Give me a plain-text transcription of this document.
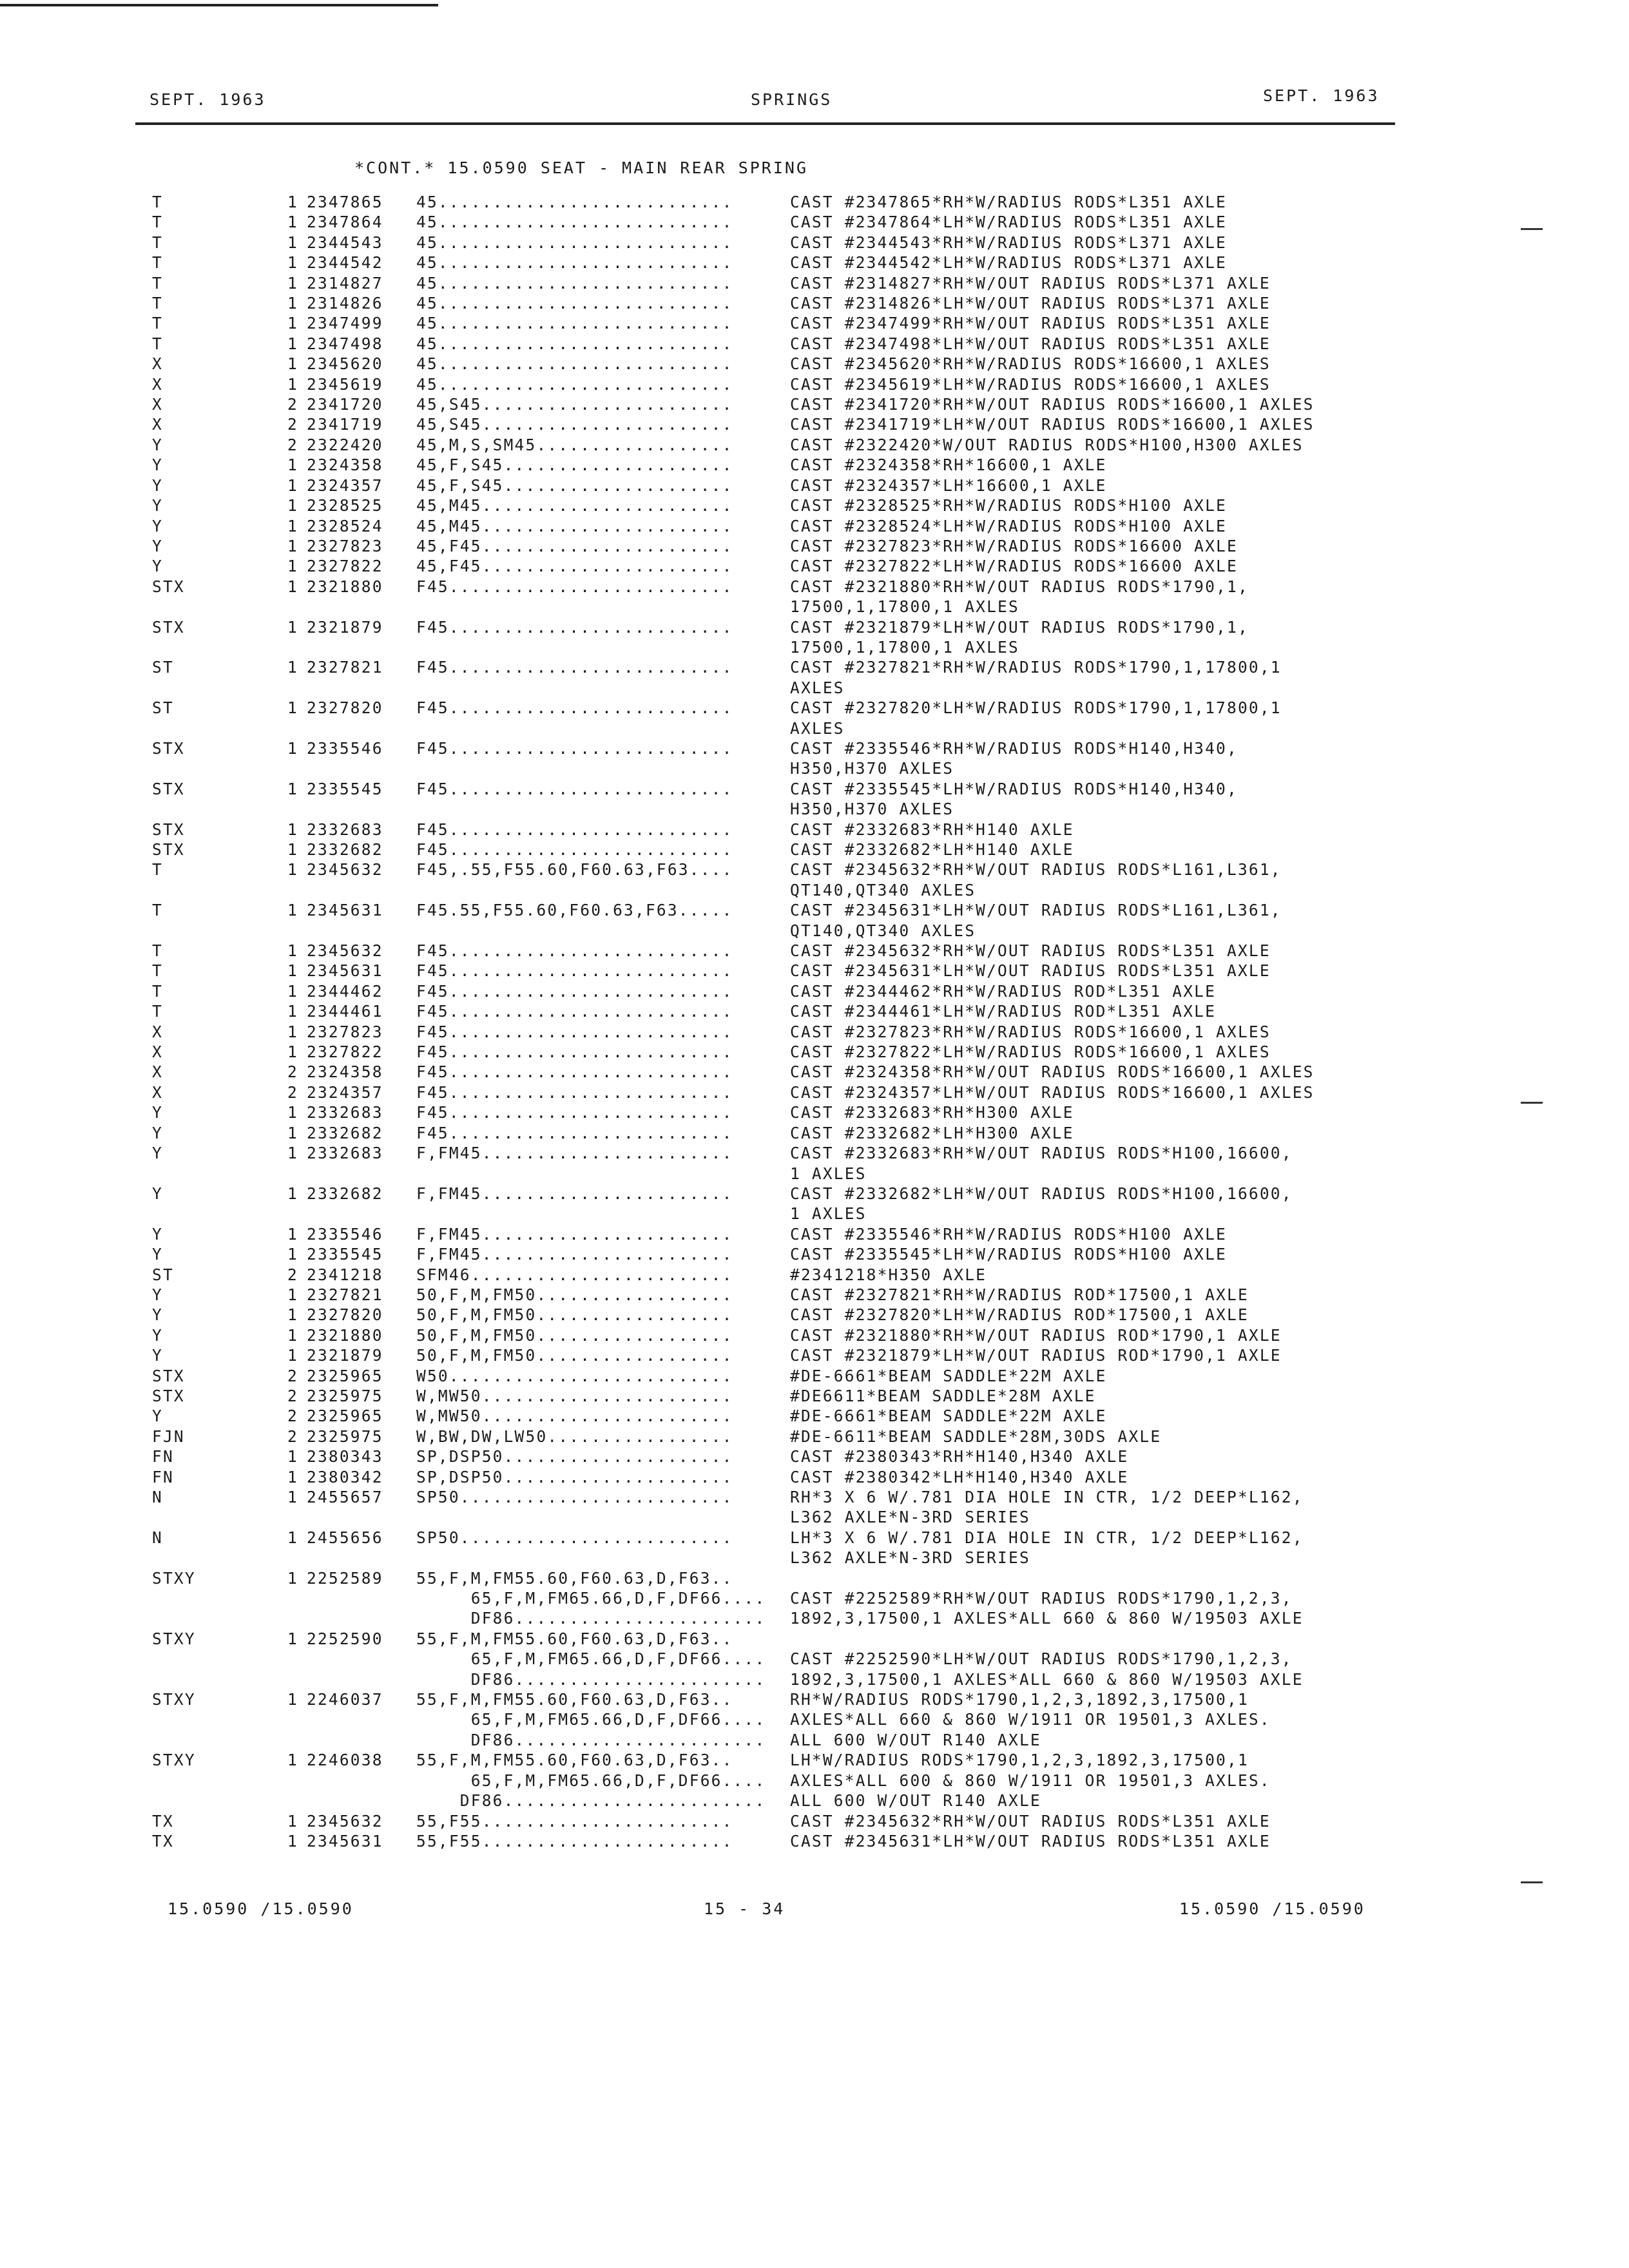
SEPT. 1963	SPRINGS	SEPT. 1963
*CONT.* 15.0590 SEAT - MAIN REAR SPRING
T	1 2347865	45...........................	CAST #2347865*RH*W/RADIUS RODS*L351 AXLE
T	1 2347864	45...........................	CAST #2347864*LH*W/RADIUS RODS*L351 AXLE
T	1 2344543	45...........................	CAST #2344543*RH*W/RADIUS RODS*L371 AXLE
T	1 2344542	45...........................	CAST #2344542*LH*W/RADIUS RODS*L371 AXLE
T	1 2314827	45...........................	CAST #2314827*RH*W/OUT RADIUS RODS*L371 AXLE
T	1 2314826	45...........................	CAST #2314826*LH*W/OUT RADIUS RODS*L371 AXLE
T	1 2347499	45...........................	CAST #2347499*RH*W/OUT RADIUS RODS*L351 AXLE
T	1 2347498	45...........................	CAST #2347498*LH*W/OUT RADIUS RODS*L351 AXLE
X	1 2345620	45...........................	CAST #2345620*RH*W/RADIUS RODS*16600,1 AXLES
X	1 2345619	45...........................	CAST #2345619*LH*W/RADIUS RODS*16600,1 AXLES
X	2 2341720	45,S45.......................	CAST #2341720*RH*W/OUT RADIUS RODS*16600,1 AXLES
X	2 2341719	45,S45.......................	CAST #2341719*LH*W/OUT RADIUS RODS*16600,1 AXLES
Y	2 2322420	45,M,S,SM45..................	CAST #2322420*W/OUT RADIUS RODS*H100,H300 AXLES
Y	1 2324358	45,F,S45.....................	CAST #2324358*RH*16600,1 AXLE
Y	1 2324357	45,F,S45.....................	CAST #2324357*LH*16600,1 AXLE
Y	1 2328525	45,M45.......................	CAST #2328525*RH*W/RADIUS RODS*H100 AXLE
Y	1 2328524	45,M45.......................	CAST #2328524*LH*W/RADIUS RODS*H100 AXLE
Y	1 2327823	45,F45.......................	CAST #2327823*RH*W/RADIUS RODS*16600 AXLE
Y	1 2327822	45,F45.......................	CAST #2327822*LH*W/RADIUS RODS*16600 AXLE
STX	1 2321880	F45..........................	CAST #2321880*RH*W/OUT RADIUS RODS*1790,1,
17500,1,17800,1 AXLES
STX	1 2321879	F45..........................	CAST #2321879*LH*W/OUT RADIUS RODS*1790,1,
17500,1,17800,1 AXLES
ST	1 2327821	F45..........................	CAST #2327821*RH*W/RADIUS RODS*1790,1,17800,1
AXLES
ST	1 2327820	F45..........................	CAST #2327820*LH*W/RADIUS RODS*1790,1,17800,1
AXLES
STX	1 2335546	F45..........................	CAST #2335546*RH*W/RADIUS RODS*H140,H340,
H350,H370 AXLES
STX	1 2335545	F45..........................	CAST #2335545*LH*W/RADIUS RODS*H140,H340,
H350,H370 AXLES
STX	1 2332683	F45..........................	CAST #2332683*RH*H140 AXLE
STX	1 2332682	F45..........................	CAST #2332682*LH*H140 AXLE
T	1 2345632	F45,.55,F55.60,F60.63,F63....	CAST #2345632*RH*W/OUT RADIUS RODS*L161,L361,
QT140,QT340 AXLES
T	1 2345631	F45.55,F55.60,F60.63,F63.....	CAST #2345631*LH*W/OUT RADIUS RODS*L161,L361,
QT140,QT340 AXLES
T	1 2345632	F45..........................	CAST #2345632*RH*W/OUT RADIUS RODS*L351 AXLE
T	1 2345631	F45..........................	CAST #2345631*LH*W/OUT RADIUS RODS*L351 AXLE
T	1 2344462	F45..........................	CAST #2344462*RH*W/RADIUS ROD*L351 AXLE
T	1 2344461	F45..........................	CAST #2344461*LH*W/RADIUS ROD*L351 AXLE
X	1 2327823	F45..........................	CAST #2327823*RH*W/RADIUS RODS*16600,1 AXLES
X	1 2327822	F45..........................	CAST #2327822*LH*W/RADIUS RODS*16600,1 AXLES
X	2 2324358	F45..........................	CAST #2324358*RH*W/OUT RADIUS RODS*16600,1 AXLES
X	2 2324357	F45..........................	CAST #2324357*LH*W/OUT RADIUS RODS*16600,1 AXLES
Y	1 2332683	F45..........................	CAST #2332683*RH*H300 AXLE
Y	1 2332682	F45..........................	CAST #2332682*LH*H300 AXLE
Y	1 2332683	F,FM45.......................	CAST #2332683*RH*W/OUT RADIUS RODS*H100,16600,
1 AXLES
Y	1 2332682	F,FM45.......................	CAST #2332682*LH*W/OUT RADIUS RODS*H100,16600,
1 AXLES
Y	1 2335546	F,FM45.......................	CAST #2335546*RH*W/RADIUS RODS*H100 AXLE
Y	1 2335545	F,FM45.......................	CAST #2335545*LH*W/RADIUS RODS*H100 AXLE
ST	2 2341218	SFM46........................	#2341218*H350 AXLE
Y	1 2327821	50,F,M,FM50..................	CAST #2327821*RH*W/RADIUS ROD*17500,1 AXLE
Y	1 2327820	50,F,M,FM50..................	CAST #2327820*LH*W/RADIUS ROD*17500,1 AXLE
Y	1 2321880	50,F,M,FM50..................	CAST #2321880*RH*W/OUT RADIUS ROD*1790,1 AXLE
Y	1 2321879	50,F,M,FM50..................	CAST #2321879*LH*W/OUT RADIUS ROD*1790,1 AXLE
STX	2 2325965	W50..........................	#DE-6661*BEAM SADDLE*22M AXLE
STX	2 2325975	W,MW50.......................	#DE6611*BEAM SADDLE*28M AXLE
Y	2 2325965	W,MW50.......................	#DE-6661*BEAM SADDLE*22M AXLE
FJN	2 2325975	W,BW,DW,LW50.................	#DE-6611*BEAM SADDLE*28M,30DS AXLE
FN	1 2380343	SP,DSP50.....................	CAST #2380343*RH*H140,H340 AXLE
FN	1 2380342	SP,DSP50.....................	CAST #2380342*LH*H140,H340 AXLE
N	1 2455657	SP50.........................	RH*3 X 6 W/.781 DIA HOLE IN CTR, 1/2 DEEP*L162,
L362 AXLE*N-3RD SERIES
N	1 2455656	SP50.........................	LH*3 X 6 W/.781 DIA HOLE IN CTR, 1/2 DEEP*L162,
L362 AXLE*N-3RD SERIES
STXY	1 2252589	55,F,M,FM55.60,F60.63,D,F63..
65,F,M,FM65.66,D,F,DF66....	CAST #2252589*RH*W/OUT RADIUS RODS*1790,1,2,3,
DF86.......................	1892,3,17500,1 AXLES*ALL 660 & 860 W/19503 AXLE
STXY	1 2252590	55,F,M,FM55.60,F60.63,D,F63..
65,F,M,FM65.66,D,F,DF66....	CAST #2252590*LH*W/OUT RADIUS RODS*1790,1,2,3,
DF86.......................	1892,3,17500,1 AXLES*ALL 660 & 860 W/19503 AXLE
STXY	1 2246037	55,F,M,FM55.60,F60.63,D,F63..	RH*W/RADIUS RODS*1790,1,2,3,1892,3,17500,1
65,F,M,FM65.66,D,F,DF66....	AXLES*ALL 660 & 860 W/1911 OR 19501,3 AXLES.
DF86.......................	ALL 600 W/OUT R140 AXLE
STXY	1 2246038	55,F,M,FM55.60,F60.63,D,F63..	LH*W/RADIUS RODS*1790,1,2,3,1892,3,17500,1
65,F,M,FM65.66,D,F,DF66....	AXLES*ALL 600 & 860 W/1911 OR 19501,3 AXLES.
DF86........................	ALL 600 W/OUT R140 AXLE
TX	1 2345632	55,F55.......................	CAST #2345632*RH*W/OUT RADIUS RODS*L351 AXLE
TX	1 2345631	55,F55.......................	CAST #2345631*LH*W/OUT RADIUS RODS*L351 AXLE
15.0590 /15.0590	15 - 34	15.0590 /15.0590
